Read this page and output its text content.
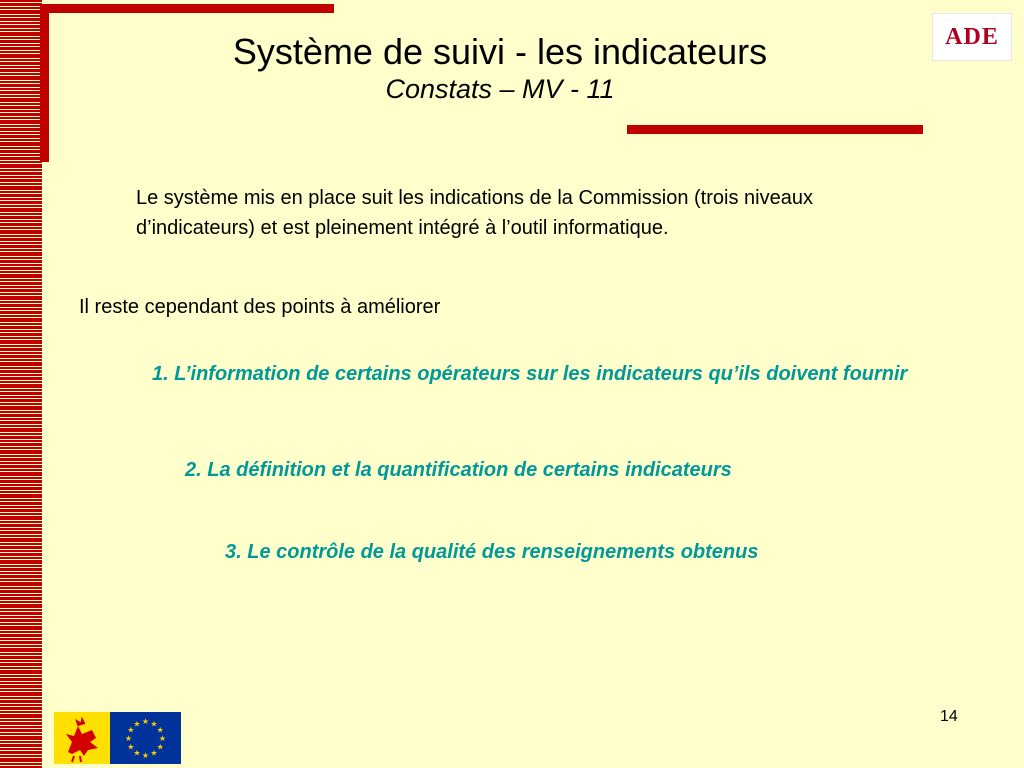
ADE
Système de suivi - les indicateurs
Constats – MV - 11
Le système mis en place suit les indications de la Commission (trois niveaux d’indicateurs) et est pleinement intégré à l’outil informatique.
Il reste cependant des points à améliorer
1. L’information de certains opérateurs sur les indicateurs qu’ils doivent fournir
2. La définition et la quantification de certains indicateurs
3. Le contrôle de la qualité des renseignements obtenus
14
★ ★
★
★
★
★
★
★
★
★
★
★
